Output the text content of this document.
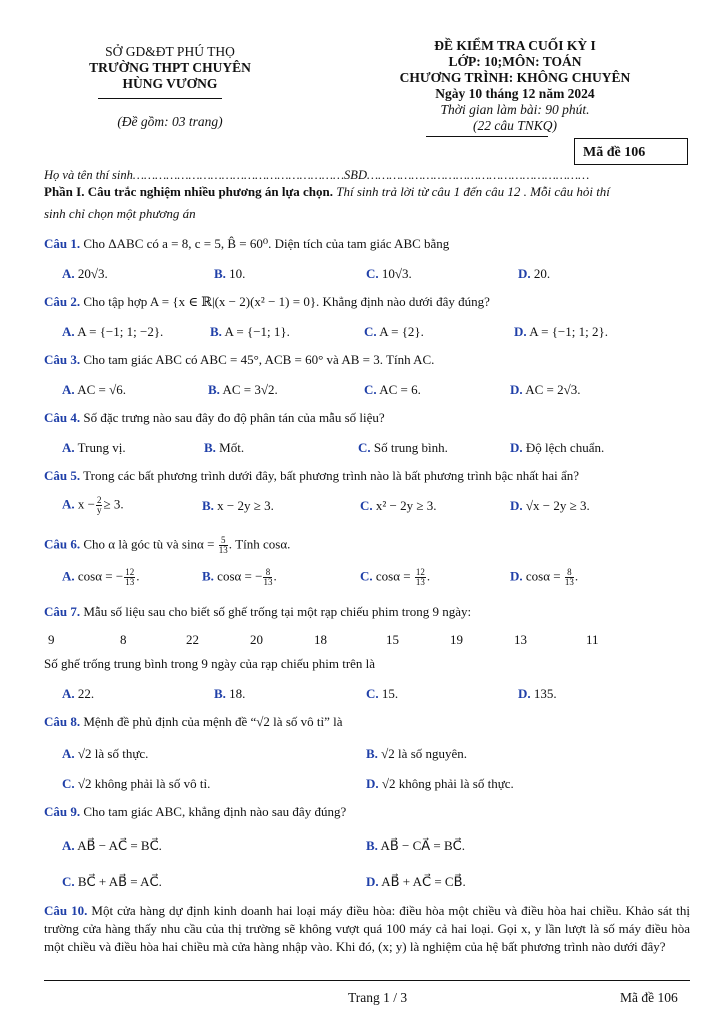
SỞ GD&ĐT PHÚ THỌ
TRƯỜNG THPT CHUYÊN
HÙNG VƯƠNG
(Đề gồm: 03 trang)
ĐỀ KIỂM TRA CUỐI KỲ I
LỚP: 10;MÔN: TOÁN
CHƯƠNG TRÌNH: KHÔNG CHUYÊN
Ngày 10 tháng 12 năm 2024
Thời gian làm bài: 90 phút.
(22 câu TNKQ)
Mã đề 106
Họ và tên thí sinh…………………………………………………SBD……………………………………………………
Phần I. Câu trắc nghiệm nhiều phương án lựa chọn. Thí sinh trả lời từ câu 1 đến câu 12 . Mỗi câu hỏi thí
sinh chỉ chọn một phương án
Câu 1. Cho ΔABC có a = 8, c = 5, B̂ = 60⁰. Diện tích của tam giác ABC bằng
A. 20√3.	B. 10.	C. 10√3.	D. 20.
Câu 2. Cho tập hợp A = {x ∈ ℝ|(x − 2)(x² − 1) = 0}. Khẳng định nào dưới đây đúng?
A. A = {−1; 1; −2}.	B. A = {−1; 1}.	C. A = {2}.	D. A = {−1; 1; 2}.
Câu 3. Cho tam giác ABC có ABC = 45°, ACB = 60° và AB = 3. Tính AC.
A. AC = √6.	B. AC = 3√2.	C. AC = 6.	D. AC = 2√3.
Câu 4. Số đặc trưng nào sau đây đo độ phân tán của mẫu số liệu?
A. Trung vị.	B. Mốt.	C. Số trung bình.	D. Độ lệch chuẩn.
Câu 5. Trong các bất phương trình dưới đây, bất phương trình nào là bất phương trình bậc nhất hai ẩn?
A. $x - \frac{2}{y} \ge 3$.	B. x − 2y ≥ 3.	C. x² − 2y ≥ 3.	D. √x − 2y ≥ 3.
Câu 6. Cho α là góc tù và $\sin\alpha = \frac{5}{13}$ . Tính cosα.
A. cosα = − $\frac{12}{13}$ .	B. cosα = − $\frac{8}{13}$ .	C. $\cos\alpha = \frac{12}{13}$ .	D. $\cos\alpha = \frac{8}{13}$ .
Câu 7. Mẫu số liệu sau cho biết số ghế trống tại một rạp chiếu phim trong 9 ngày:
9	8	22	20	18	15	19	13	11
Số ghế trống trung bình trong 9 ngày của rạp chiếu phim trên là
A. 22.	B. 18.	C. 15.	D. 135.
Câu 8. Mệnh đề phủ định của mệnh đề “√2 là số vô tỉ” là
A. √2 là số thực.	B. √2 là số nguyên.
C. √2 không phải là số vô tỉ.	D. √2 không phải là số thực.
Câu 9. Cho tam giác ABC, khẳng định nào sau đây đúng?
A. AB⃗ − AC⃗ = BC⃗.	B. AB⃗ − CA⃗ = BC⃗.
C. BC⃗ + AB⃗ = AC⃗.	D. AB⃗ + AC⃗ = CB⃗.
Câu 10. Một cửa hàng dự định kinh doanh hai loại máy điều hòa: điều hòa một chiều và điều hòa hai chiều. Khảo sát thị trường cửa hàng thấy nhu cầu của thị trường sẽ không vượt quá 100 máy cả hai loại. Gọi x, y lần lượt là số máy điều hòa một chiều và điều hòa hai chiều mà cửa hàng nhập vào. Khi đó, (x; y) là nghiệm của hệ bất phương trình nào dưới đây?
Trang 1 / 3	Mã đề 106
